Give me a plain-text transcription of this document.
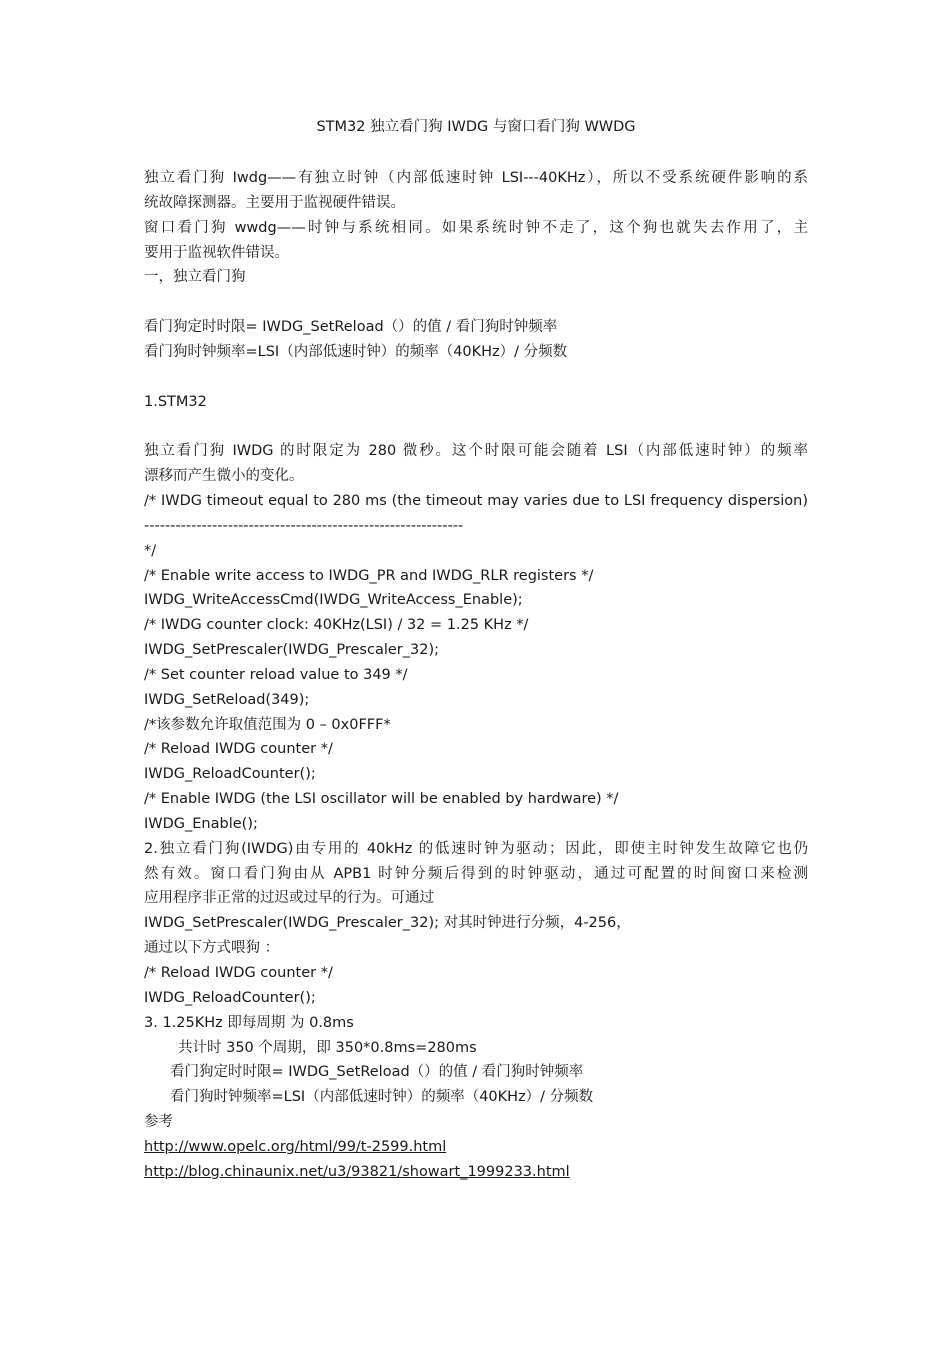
STM32 独立看门狗 IWDG 与窗口看门狗 WWDG
独立看门狗 Iwdg——有独立时钟（内部低速时钟 LSI---40KHz），所以不受系统硬件影响的系
统故障探测器。主要用于监视硬件错误。
窗口看门狗 wwdg——时钟与系统相同。如果系统时钟不走了，这个狗也就失去作用了，主
要用于监视软件错误。
一，独立看门狗
看门狗定时时限= IWDG_SetReload（）的值 / 看门狗时钟频率
看门狗时钟频率=LSI（内部低速时钟）的频率（40KHz）/ 分频数
1.STM32
独立看门狗 IWDG 的时限定为 280 微秒。这个时限可能会随着 LSI（内部低速时钟）的频率
漂移而产生微小的变化。
/* IWDG timeout equal to 280 ms (the timeout may varies due to LSI frequency dispersion)
-------------------------------------------------------------
*/
/* Enable write access to IWDG_PR and IWDG_RLR registers */
IWDG_WriteAccessCmd(IWDG_WriteAccess_Enable);
/* IWDG counter clock: 40KHz(LSI) / 32 = 1.25 KHz */
IWDG_SetPrescaler(IWDG_Prescaler_32);
/* Set counter reload value to 349 */
IWDG_SetReload(349);
/*该参数允许取值范围为 0 – 0x0FFF*
/* Reload IWDG counter */
IWDG_ReloadCounter();
/* Enable IWDG (the LSI oscillator will be enabled by hardware) */
IWDG_Enable();
2.独立看门狗(IWDG)由专用的 40kHz 的低速时钟为驱动；因此，即使主时钟发生故障它也仍
然有效。窗口看门狗由从 APB1 时钟分频后得到的时钟驱动，通过可配置的时间窗口来检测
应用程序非正常的过迟或过早的行为。可通过
IWDG_SetPrescaler(IWDG_Prescaler_32); 对其时钟进行分频，4-256，
通过以下方式喂狗 ：
/* Reload IWDG counter */
IWDG_ReloadCounter();
3. 1.25KHz 即每周期 为 0.8ms
共计时 350 个周期，即 350*0.8ms=280ms
看门狗定时时限= IWDG_SetReload（）的值 / 看门狗时钟频率
看门狗时钟频率=LSI（内部低速时钟）的频率（40KHz）/ 分频数
参考
http://www.opelc.org/html/99/t-2599.html
http://blog.chinaunix.net/u3/93821/showart_1999233.html
